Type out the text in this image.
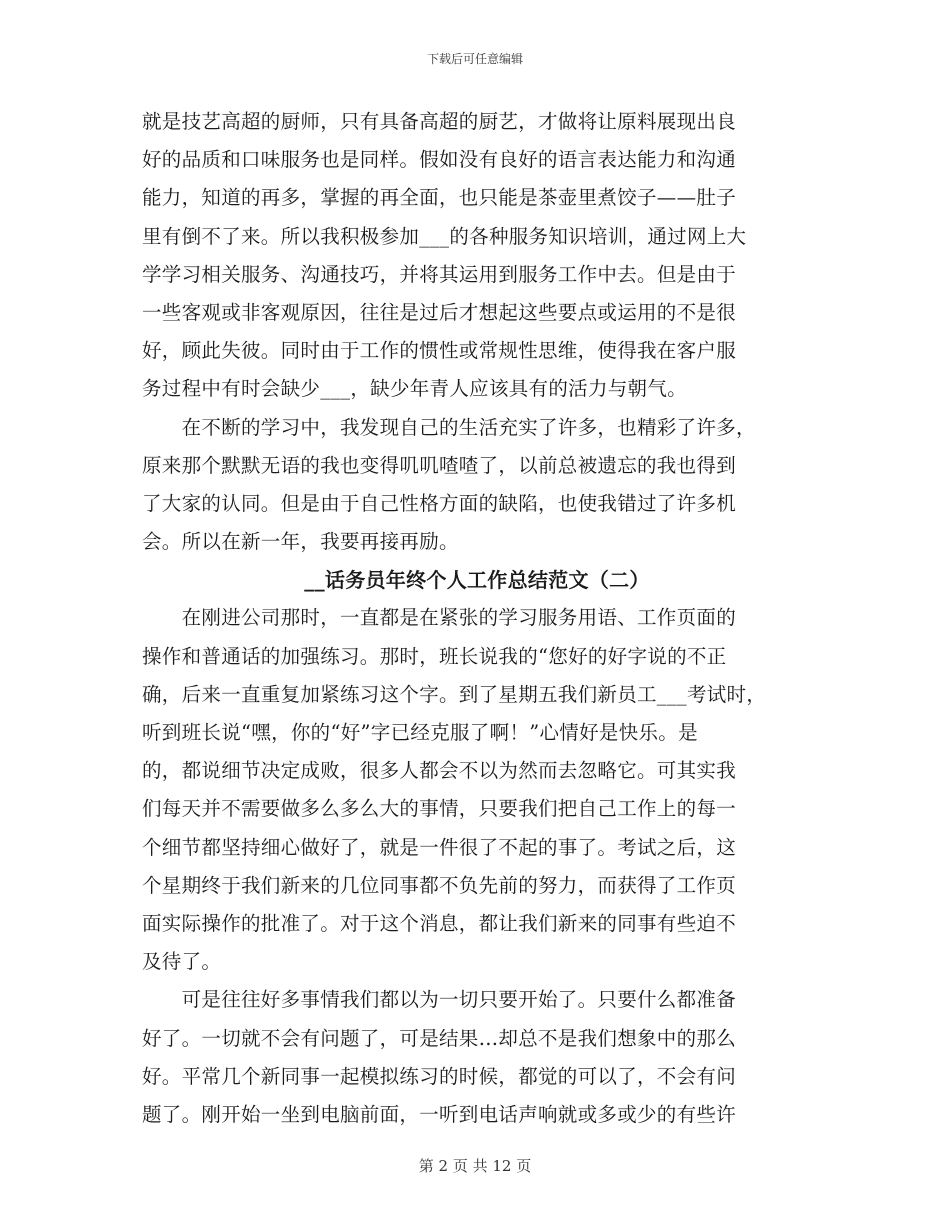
下载后可任意编辑
就是技艺高超的厨师，只有具备高超的厨艺，才做将让原料展现出良
好的品质和口味服务也是同样。假如没有良好的语言表达能力和沟通
能力，知道的再多，掌握的再全面，也只能是茶壶里煮饺子——肚子
里有倒不了来。所以我积极参加___的各种服务知识培训，通过网上大
学学习相关服务、沟通技巧，并将其运用到服务工作中去。但是由于
一些客观或非客观原因，往往是过后才想起这些要点或运用的不是很
好，顾此失彼。同时由于工作的惯性或常规性思维，使得我在客户服
务过程中有时会缺少___，缺少年青人应该具有的活力与朝气。
　　在不断的学习中，我发现自己的生活充实了许多，也精彩了许多，
原来那个默默无语的我也变得叽叽喳喳了，以前总被遗忘的我也得到
了大家的认同。但是由于自己性格方面的缺陷，也使我错过了许多机
会。所以在新一年，我要再接再励。
__话务员年终个人工作总结范文（二）
　　在刚进公司那时，一直都是在紧张的学习服务用语、工作页面的
操作和普通话的加强练习。那时，班长说我的“您好的好字说的不正
确，后来一直重复加紧练习这个字。到了星期五我们新员工___考试时，
听到班长说“嘿，你的“好”字已经克服了啊！”心情好是快乐。是
的，都说细节决定成败，很多人都会不以为然而去忽略它。可其实我
们每天并不需要做多么多么大的事情，只要我们把自己工作上的每一
个细节都坚持细心做好了，就是一件很了不起的事了。考试之后，这
个星期终于我们新来的几位同事都不负先前的努力，而获得了工作页
面实际操作的批准了。对于这个消息，都让我们新来的同事有些迫不
及待了。
　　可是往往好多事情我们都以为一切只要开始了。只要什么都准备
好了。一切就不会有问题了，可是结果…却总不是我们想象中的那么
好。平常几个新同事一起模拟练习的时候，都觉的可以了，不会有问
题了。刚开始一坐到电脑前面，一听到电话声响就或多或少的有些许
第 2 页 共 12 页
